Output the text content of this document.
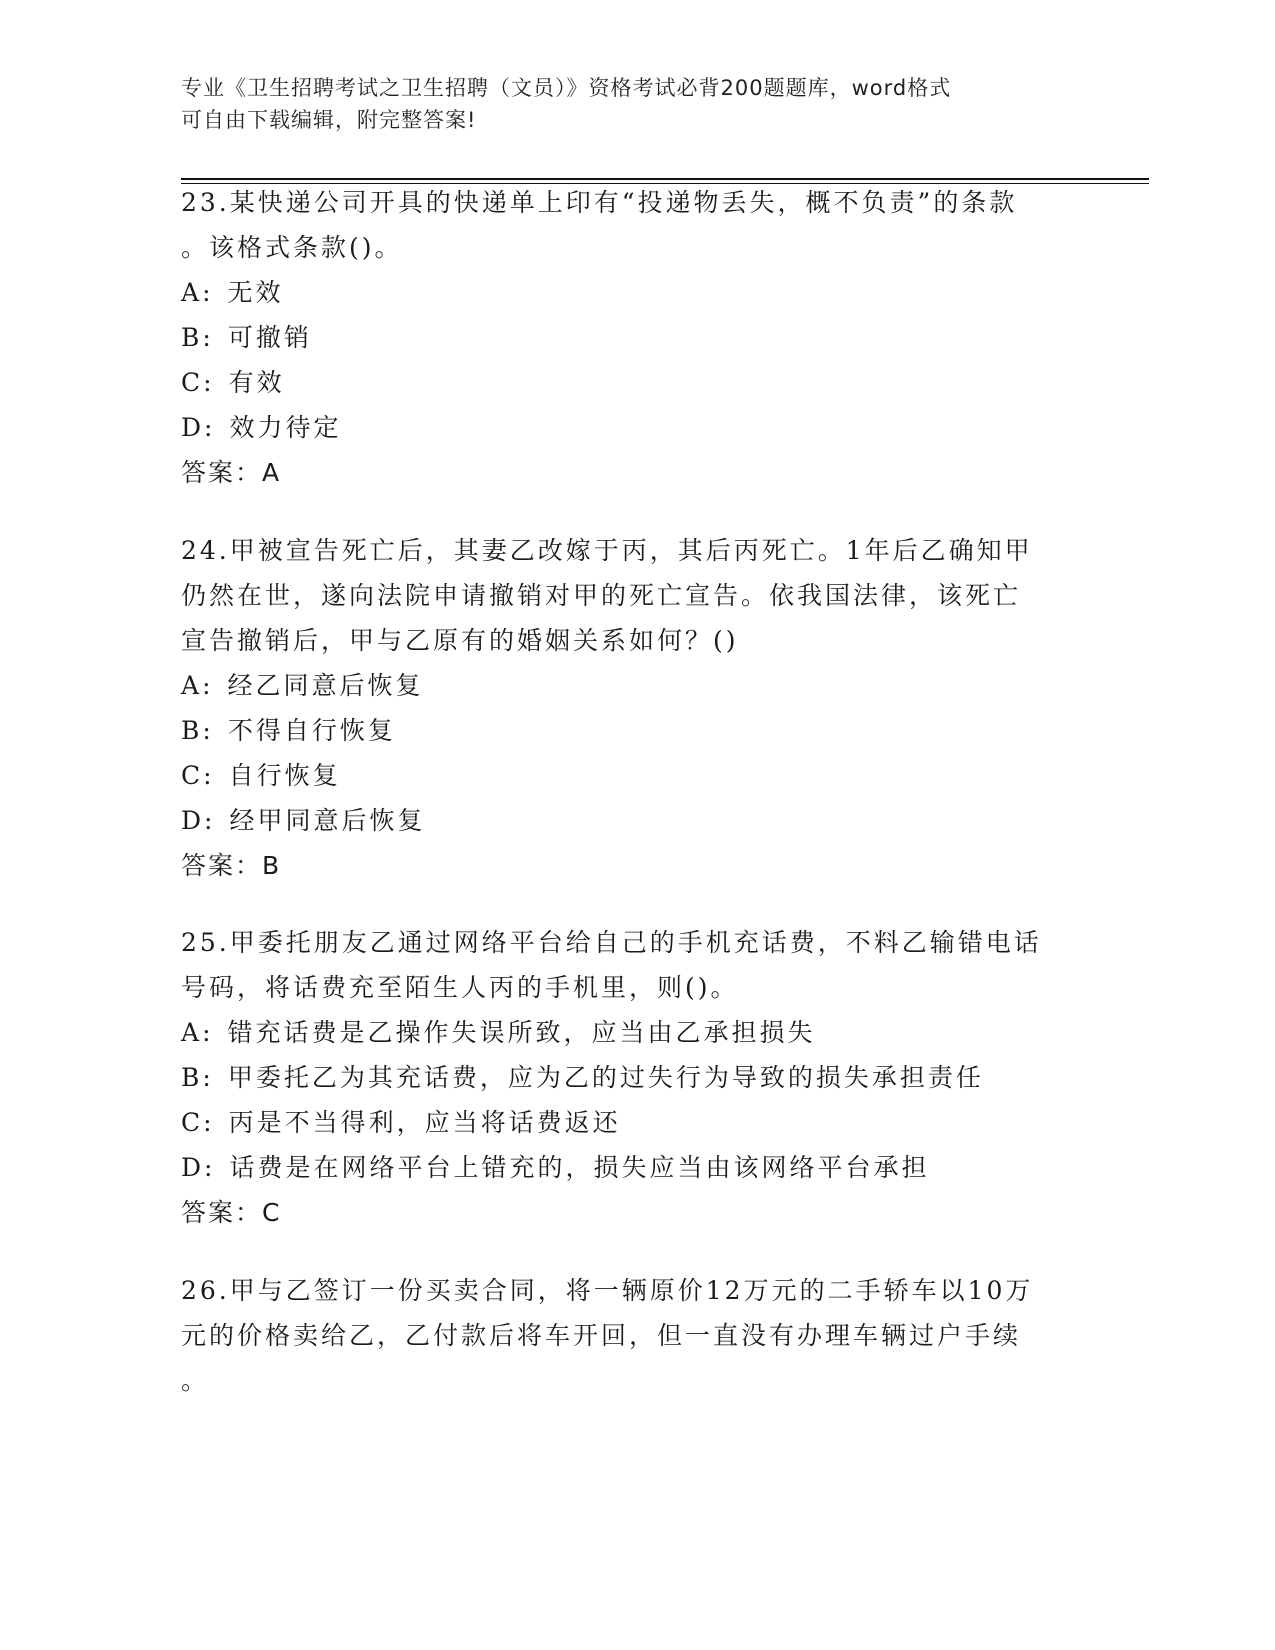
专业《卫生招聘考试之卫生招聘（文员）》资格考试必背200题题库，word格式
可自由下载编辑，附完整答案!
23.某快递公司开具的快递单上印有“投递物丢失，概不负责”的条款
。该格式条款()。
A: 无效
B: 可撤销
C: 有效
D: 效力待定
答案：A
24.甲被宣告死亡后，其妻乙改嫁于丙，其后丙死亡。1年后乙确知甲
仍然在世，遂向法院申请撤销对甲的死亡宣告。依我国法律，该死亡
宣告撤销后，甲与乙原有的婚姻关系如何？()
A: 经乙同意后恢复
B: 不得自行恢复
C: 自行恢复
D: 经甲同意后恢复
答案：B
25.甲委托朋友乙通过网络平台给自己的手机充话费，不料乙输错电话
号码，将话费充至陌生人丙的手机里，则()。
A: 错充话费是乙操作失误所致，应当由乙承担损失
B: 甲委托乙为其充话费，应为乙的过失行为导致的损失承担责任
C: 丙是不当得利，应当将话费返还
D: 话费是在网络平台上错充的，损失应当由该网络平台承担
答案：C
26.甲与乙签订一份买卖合同，将一辆原价12万元的二手轿车以10万
元的价格卖给乙，乙付款后将车开回，但一直没有办理车辆过户手续
。
